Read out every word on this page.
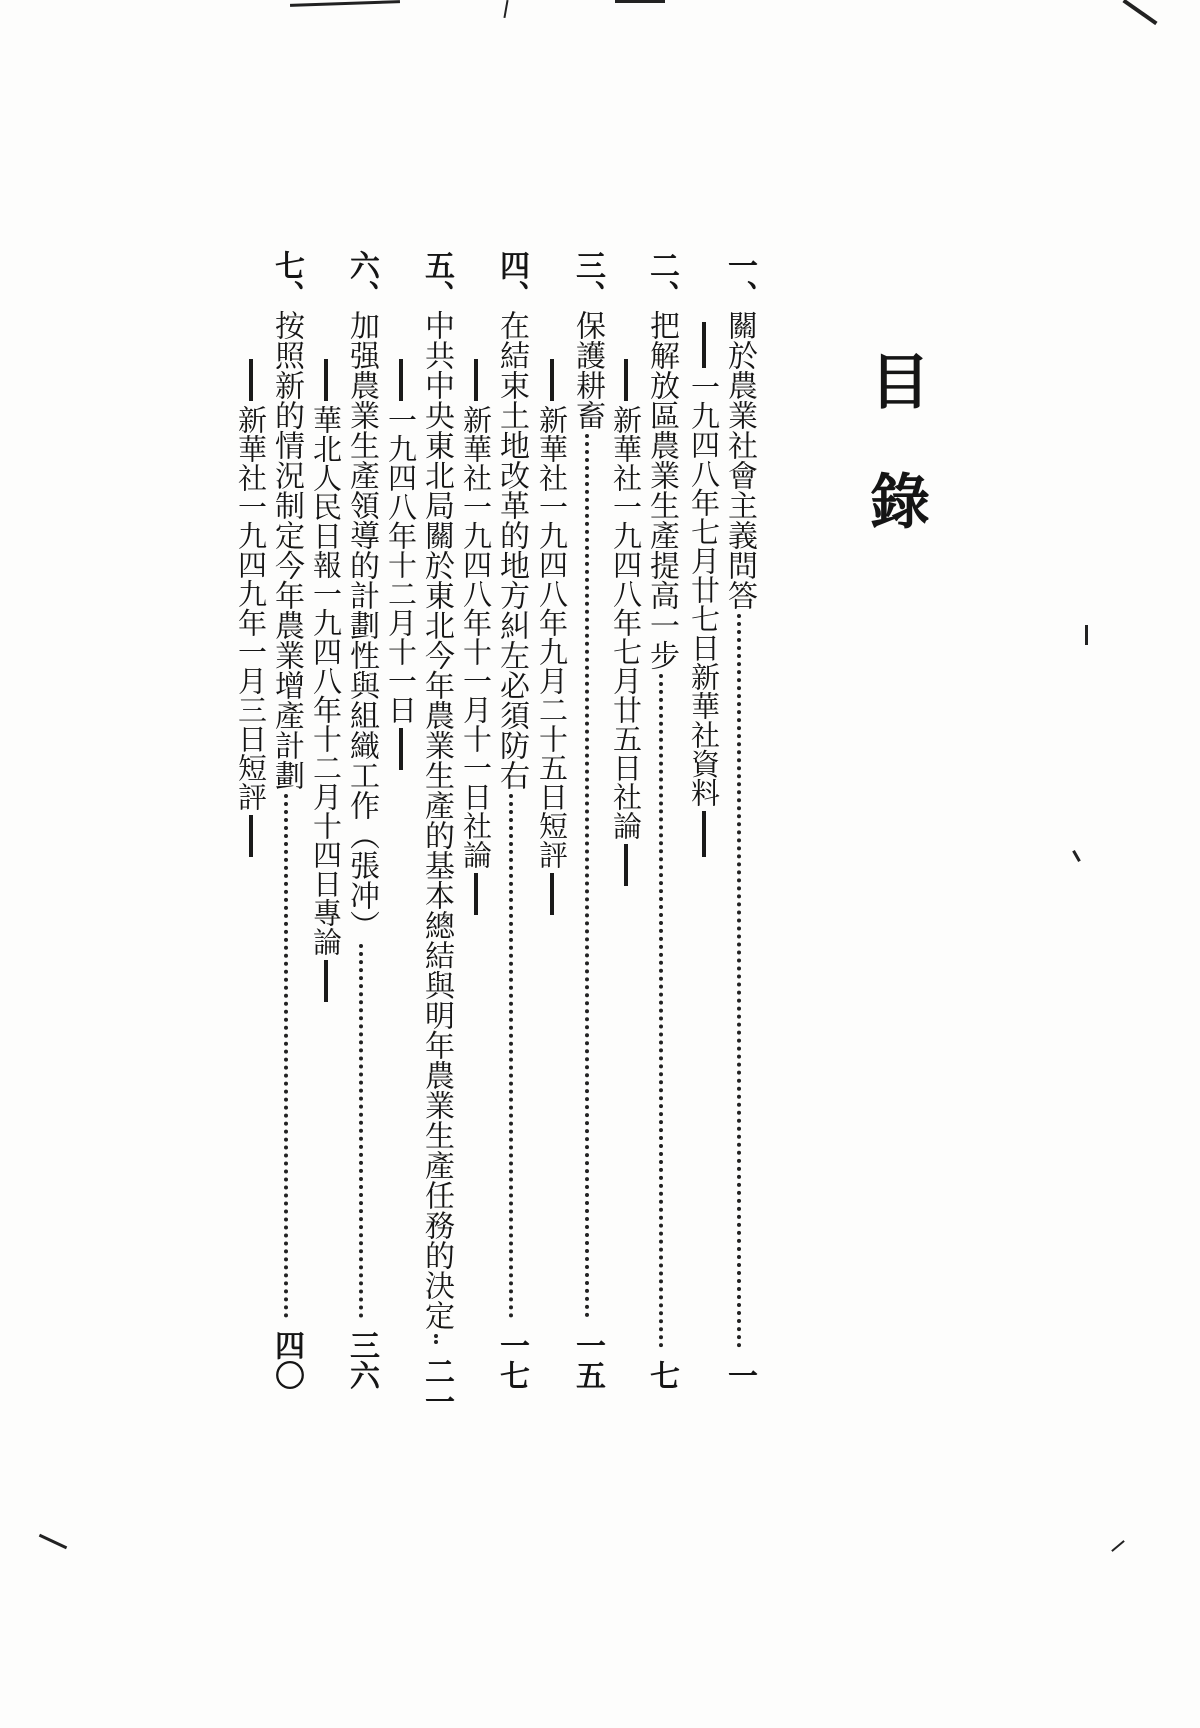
目錄
一、
關於農業社會主義問答
一
一九四八年七月廿七日新華社資料
二、
把解放區農業生產提高一步
七
新華社一九四八年七月廿五日社論
三、
保護耕畜
一五
新華社一九四八年九月二十五日短評
四、
在結束土地改革的地方糾左必須防右
一七
新華社一九四八年十一月十一日社論
五、
中共中央東北局關於東北今年農業生產的基本總結與明年農業生產任務的決定
二一
一九四八年十二月十一日
六、
加强農業生產領導的計劃性與組織工作（張冲）
三六
華北人民日報一九四八年十二月十四日專論
七、
按照新的情況制定今年農業增產計劃
四〇
新華社一九四九年一月三日短評
